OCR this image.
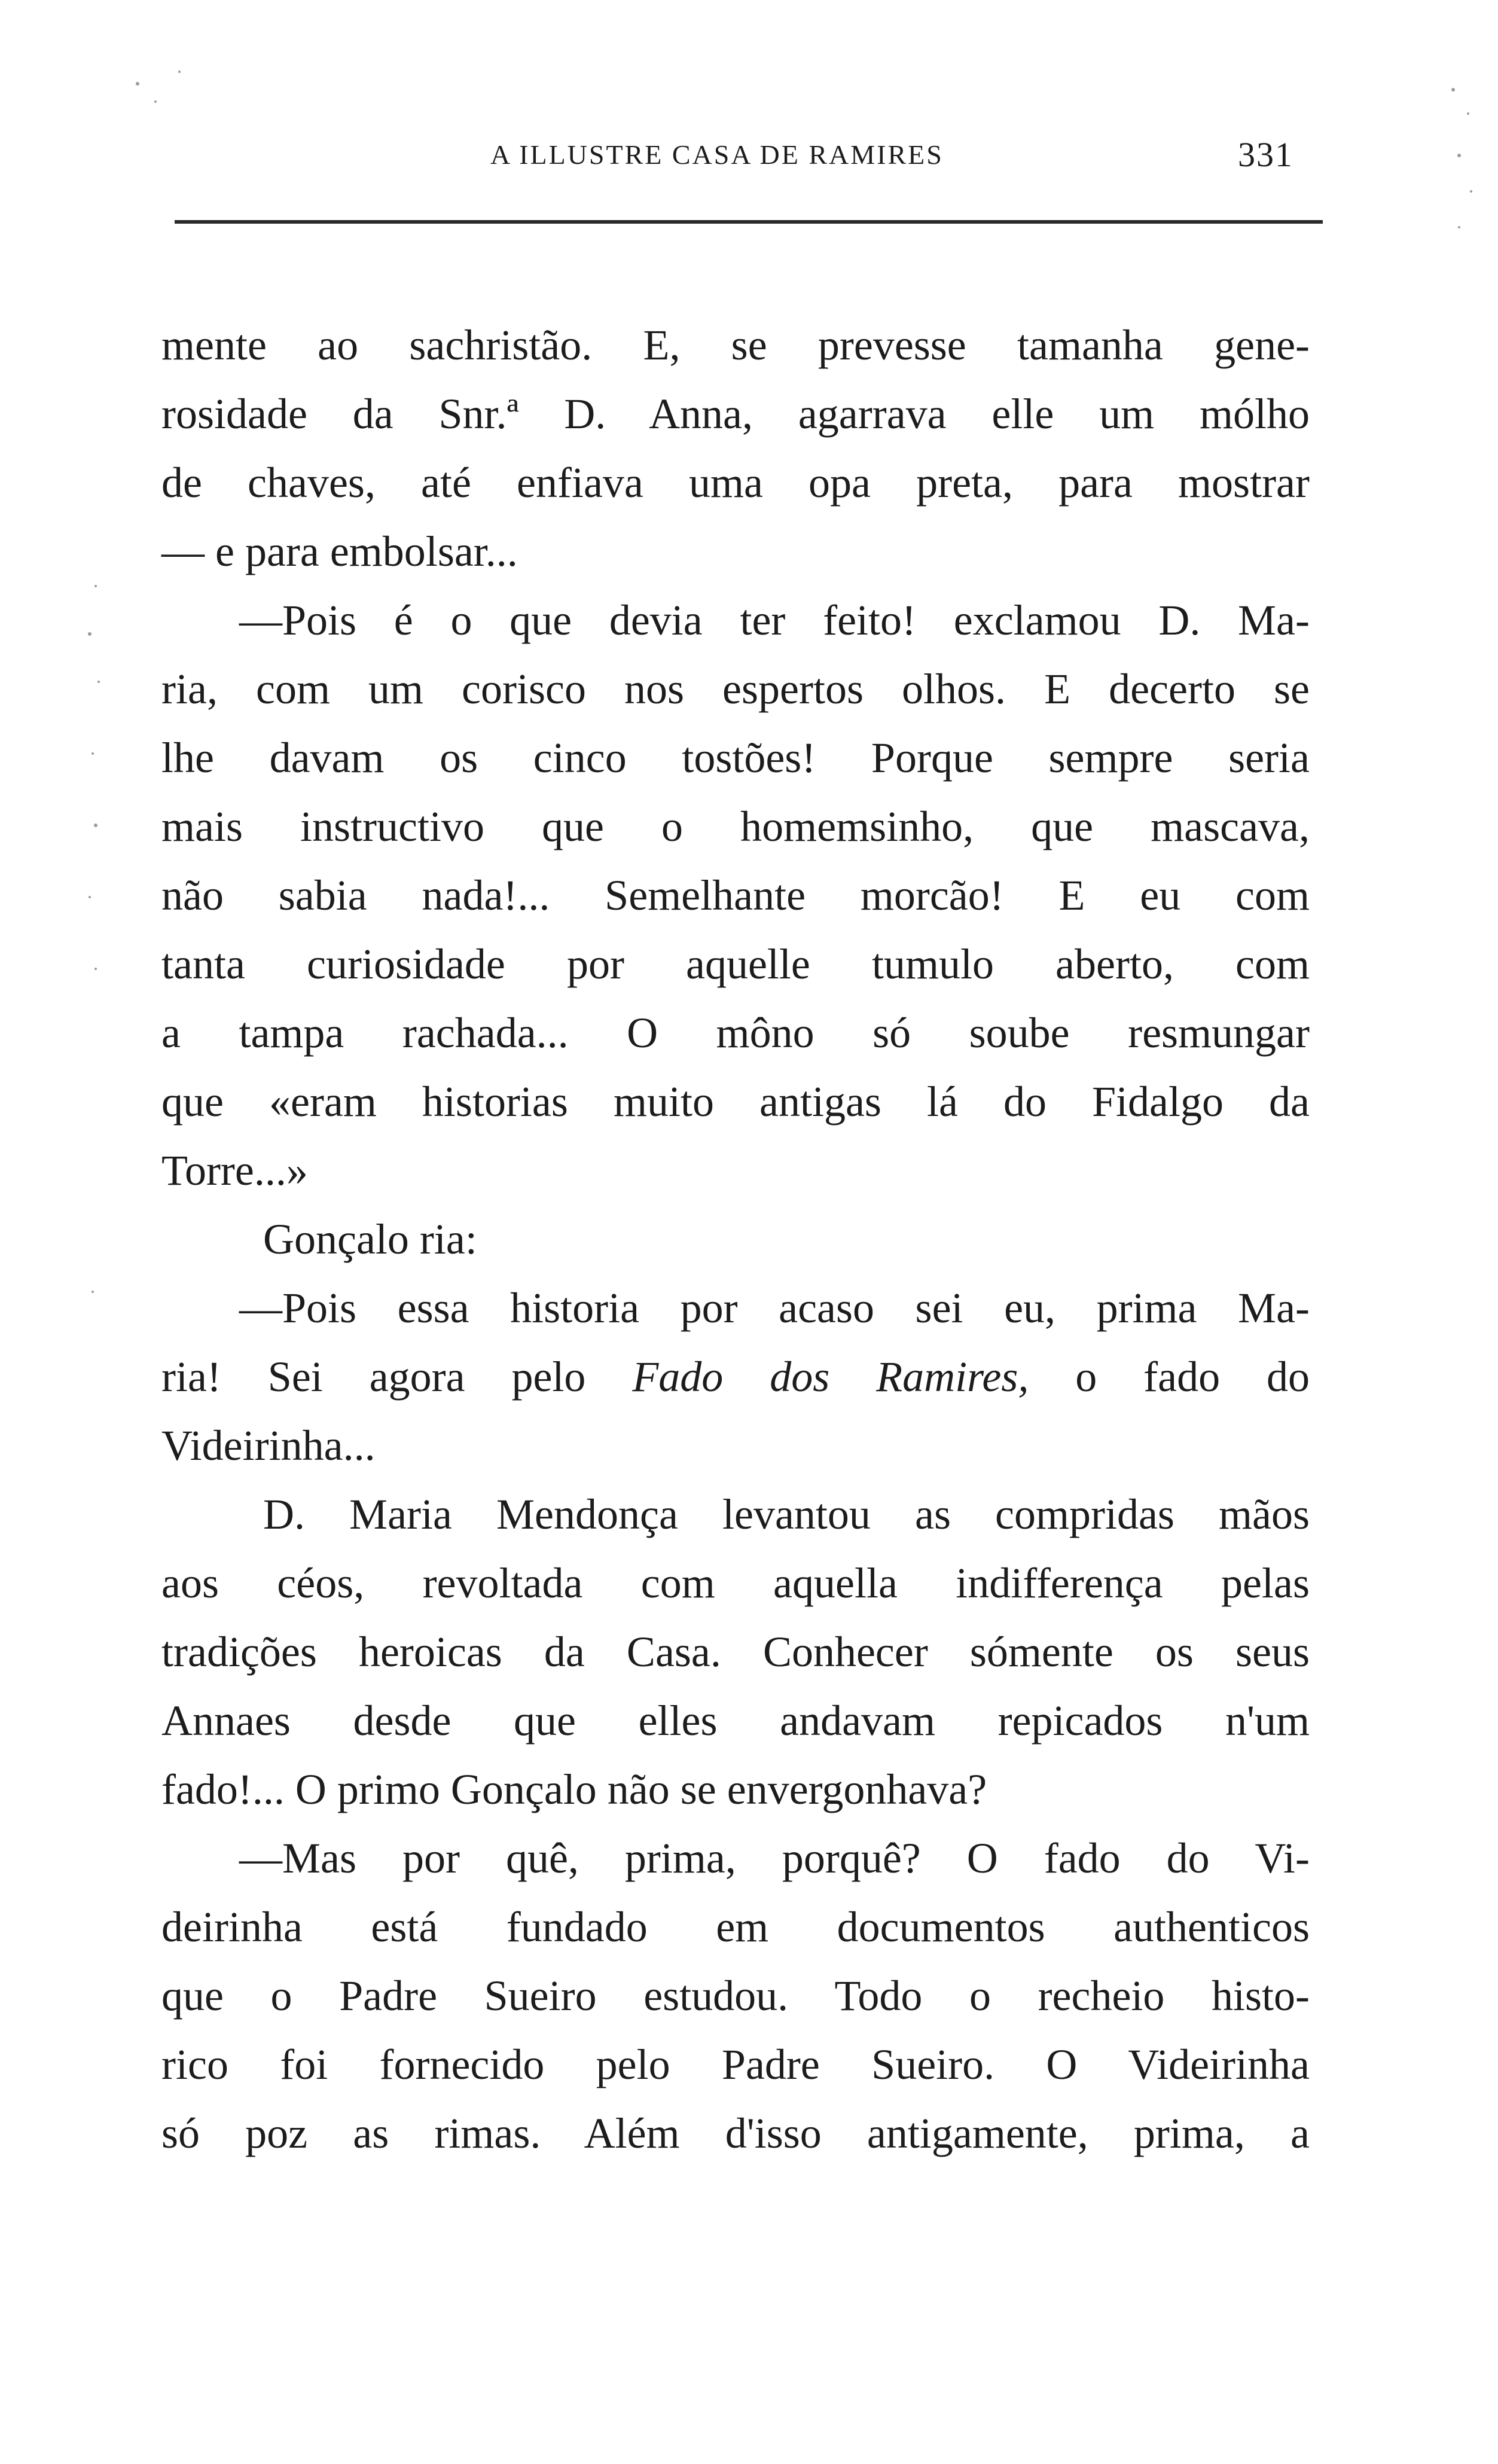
A ILLUSTRE CASA DE RAMIRES	331
mente ao sachristão. E, se prevesse tamanha gene-
rosidade da Snr.ª D. Anna, agarrava elle um mólho
de chaves, até enfiava uma opa preta, para mostrar
— e para embolsar...
—Pois é o que devia ter feito! exclamou D. Ma-
ria, com um corisco nos espertos olhos. E decerto se
lhe davam os cinco tostões! Porque sempre seria
mais instructivo que o homemsinho, que mascava,
não sabia nada!... Semelhante morcão! E eu com
tanta curiosidade por aquelle tumulo aberto, com
a tampa rachada... O môno só soube resmungar
que «eram historias muito antigas lá do Fidalgo da
Torre...»
Gonçalo ria:
—Pois essa historia por acaso sei eu, prima Ma-
ria! Sei agora pelo Fado dos Ramires, o fado do
Videirinha...
D. Maria Mendonça levantou as compridas mãos
aos céos, revoltada com aquella indifferença pelas
tradições heroicas da Casa. Conhecer sómente os seus
Annaes desde que elles andavam repicados n'um
fado!... O primo Gonçalo não se envergonhava?
—Mas por quê, prima, porquê? O fado do Vi-
deirinha está fundado em documentos authenticos
que o Padre Sueiro estudou. Todo o recheio histo-
rico foi fornecido pelo Padre Sueiro. O Videirinha
só poz as rimas. Além d'isso antigamente, prima, a
